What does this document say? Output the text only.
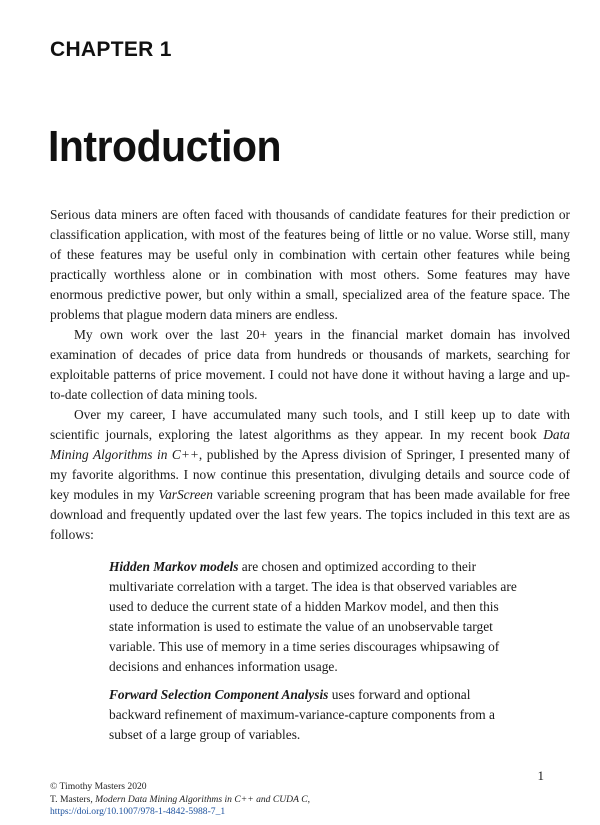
CHAPTER 1
Introduction

Serious data miners are often faced with thousands of candidate features for their prediction or classification application, with most of the features being of little or no value. Worse still, many of these features may be useful only in combination with certain other features while being practically worthless alone or in combination with most others. Some features may have enormous predictive power, but only within a small, specialized area of the feature space. The problems that plague modern data miners are endless.

My own work over the last 20+ years in the financial market domain has involved examination of decades of price data from hundreds or thousands of markets, searching for exploitable patterns of price movement. I could not have done it without having a large and up-to-date collection of data mining tools.

Over my career, I have accumulated many such tools, and I still keep up to date with scientific journals, exploring the latest algorithms as they appear. In my recent book Data Mining Algorithms in C++, published by the Apress division of Springer, I presented many of my favorite algorithms. I now continue this presentation, divulging details and source code of key modules in my VarScreen variable screening program that has been made available for free download and frequently updated over the last few years. The topics included in this text are as follows:

Hidden Markov models are chosen and optimized according to their multivariate correlation with a target. The idea is that observed variables are used to deduce the current state of a hidden Markov model, and then this state information is used to estimate the value of an unobservable target variable. This use of memory in a time series discourages whipsawing of decisions and enhances information usage.

Forward Selection Component Analysis uses forward and optional backward refinement of maximum-variance-capture components from a subset of a large group of variables.

1
© Timothy Masters 2020
T. Masters, Modern Data Mining Algorithms in C++ and CUDA C,
https://doi.org/10.1007/978-1-4842-5988-7_1
